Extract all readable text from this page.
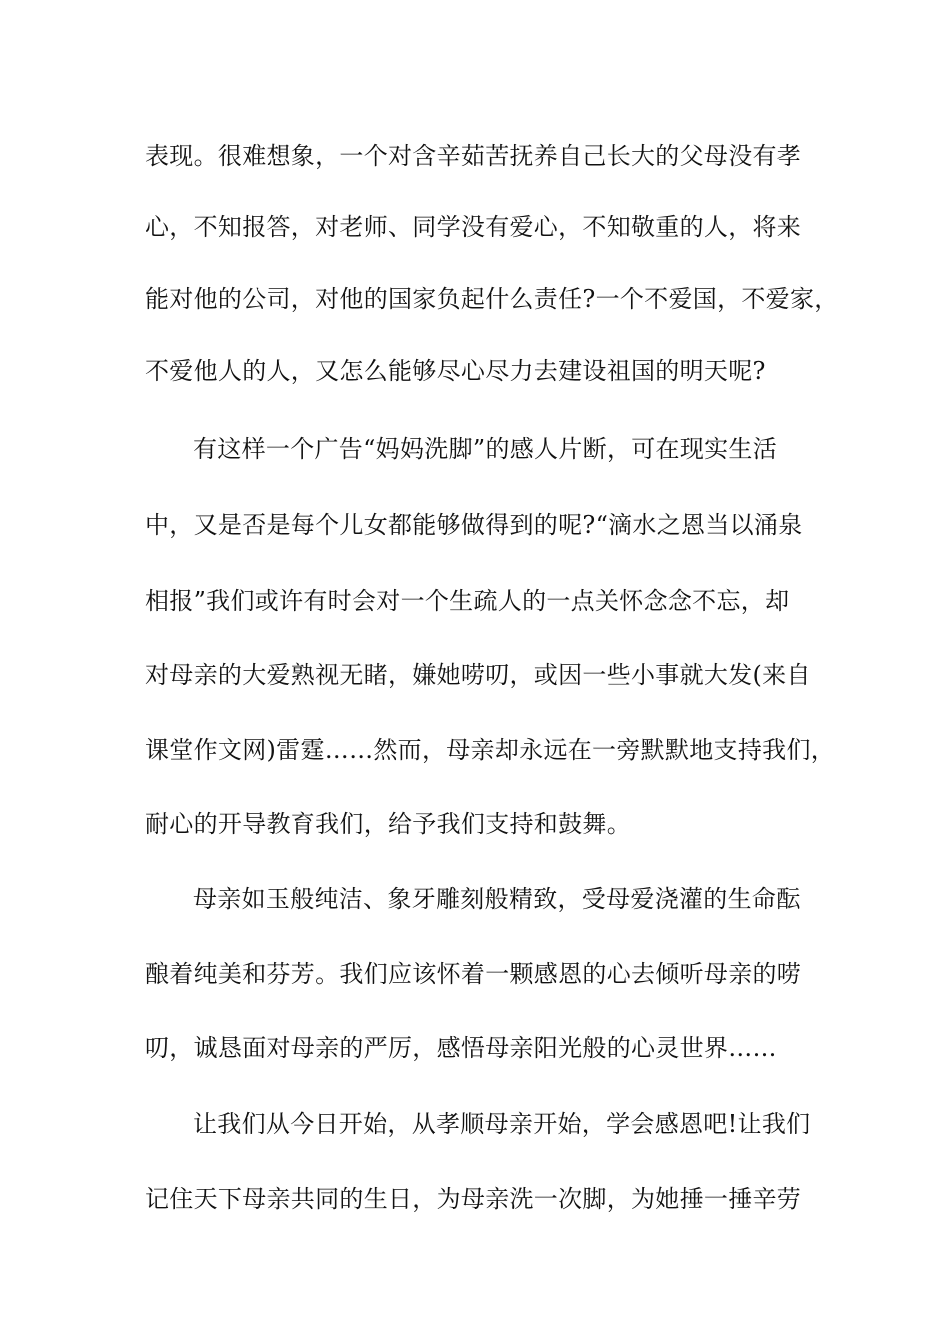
表现。很难想象，一个对含辛茹苦抚养自己长大的父母没有孝
心，不知报答，对老师、同学没有爱心，不知敬重的人，将来
能对他的公司，对他的国家负起什么责任?一个不爱国，不爱家，
不爱他人的人，又怎么能够尽心尽力去建设祖国的明天呢?
有这样一个广告“妈妈洗脚”的感人片断，可在现实生活
中，又是否是每个儿女都能够做得到的呢?“滴水之恩当以涌泉
相报”我们或许有时会对一个生疏人的一点关怀念念不忘，却
对母亲的大爱熟视无睹，嫌她唠叨，或因一些小事就大发(来自
课堂作文网)雷霆……然而，母亲却永远在一旁默默地支持我们，
耐心的开导教育我们，给予我们支持和鼓舞。
母亲如玉般纯洁、象牙雕刻般精致，受母爱浇灌的生命酝
酿着纯美和芬芳。我们应该怀着一颗感恩的心去倾听母亲的唠
叨，诚恳面对母亲的严厉，感悟母亲阳光般的心灵世界……
让我们从今日开始，从孝顺母亲开始，学会感恩吧!让我们
记住天下母亲共同的生日，为母亲洗一次脚，为她捶一捶辛劳
